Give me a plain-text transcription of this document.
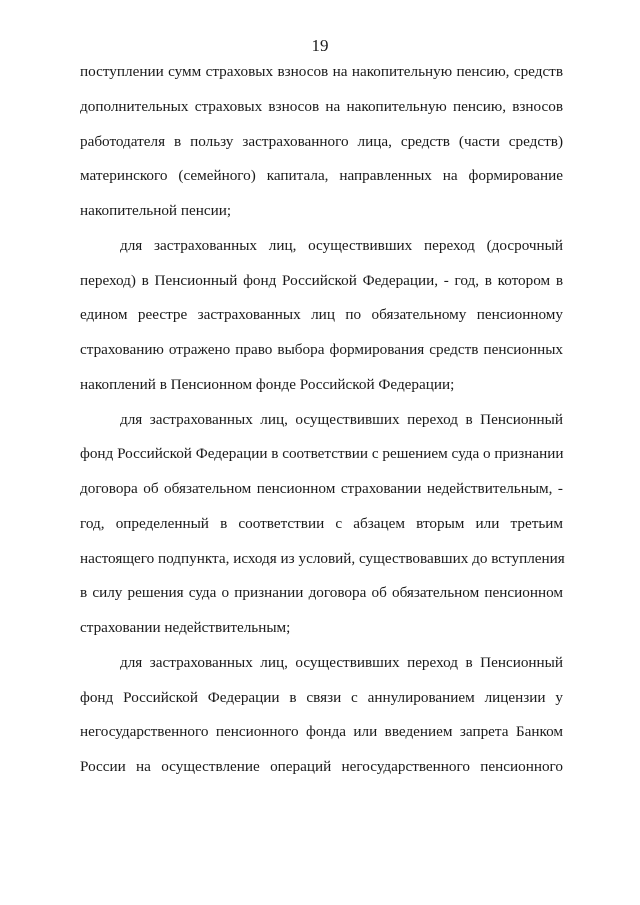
19
поступлении сумм страховых взносов на накопительную пенсию, средств
дополнительных страховых взносов на накопительную пенсию, взносов
работодателя в пользу застрахованного лица, средств (части средств)
материнского (семейного) капитала, направленных на формирование
накопительной пенсии;
для застрахованных лиц, осуществивших переход (досрочный
переход) в Пенсионный фонд Российской Федерации, - год, в котором в
едином реестре застрахованных лиц по обязательному пенсионному
страхованию отражено право выбора формирования средств пенсионных
накоплений в Пенсионном фонде Российской Федерации;
для застрахованных лиц, осуществивших переход в Пенсионный
фонд Российской Федерации в соответствии с решением суда о признании
договора об обязательном пенсионном страховании недействительным, -
год, определенный в соответствии с абзацем вторым или третьим
настоящего подпункта, исходя из условий, существовавших до вступления
в силу решения суда о признании договора об обязательном пенсионном
страховании недействительным;
для застрахованных лиц, осуществивших переход в Пенсионный
фонд Российской Федерации в связи с аннулированием лицензии у
негосударственного пенсионного фонда или введением запрета Банком
России на осуществление операций негосударственного пенсионного
